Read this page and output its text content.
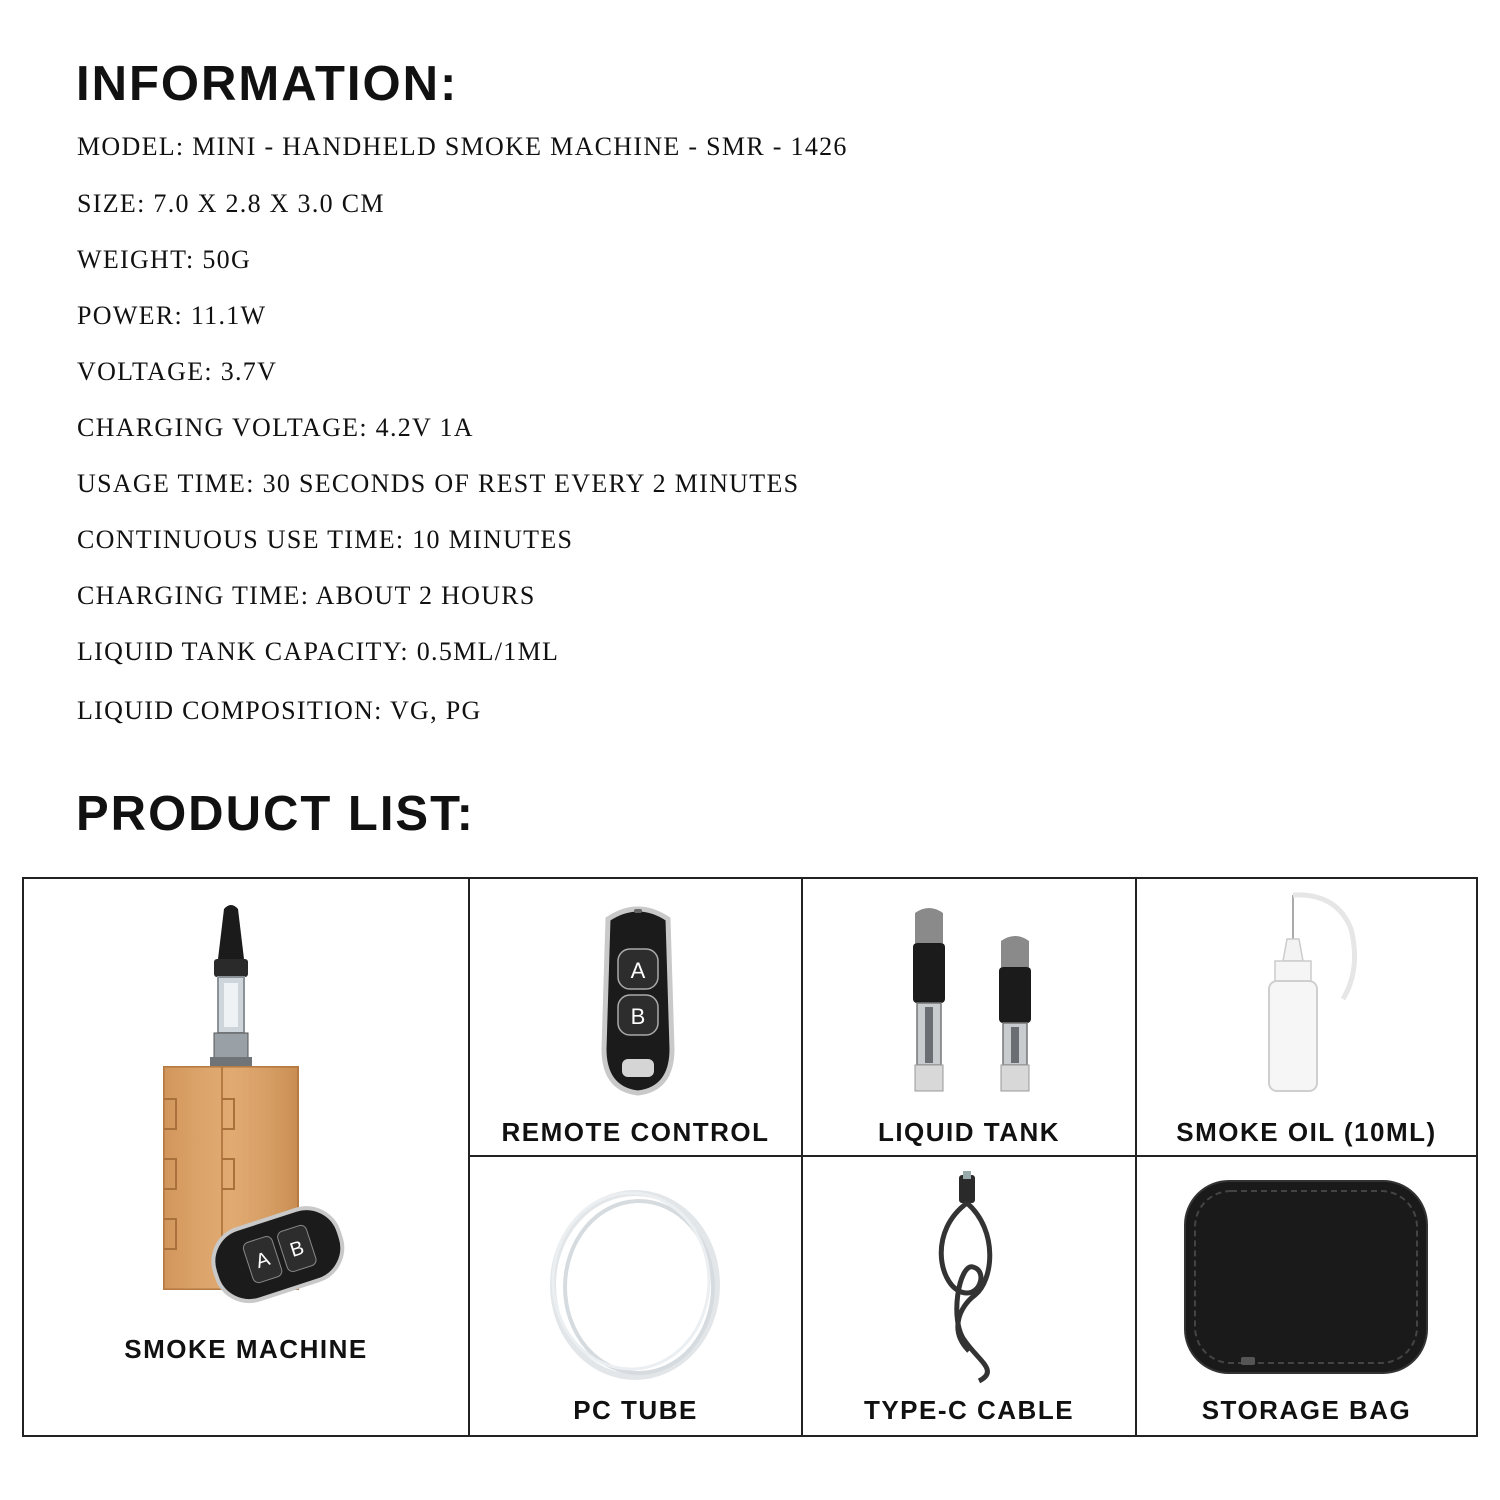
INFORMATION:

MODEL: MINI - HANDHELD SMOKE MACHINE - SMR - 1426

SIZE: 7.0 X 2.8 X 3.0 CM

WEIGHT: 50G

POWER: 11.1W

VOLTAGE: 3.7V

CHARGING VOLTAGE: 4.2V 1A

USAGE TIME: 30 SECONDS OF REST EVERY 2 MINUTES

CONTINUOUS USE TIME: 10 MINUTES

CHARGING TIME: ABOUT 2 HOURS

LIQUID TANK CAPACITY: 0.5ML/1ML

LIQUID COMPOSITION: VG, PG

PRODUCT LIST:
A B
SMOKE MACHINE
A
B
REMOTE CONTROL	LIQUID TANK	SMOKE OIL (10ML)
PC TUBE	TYPE-C CABLE	STORAGE BAG
